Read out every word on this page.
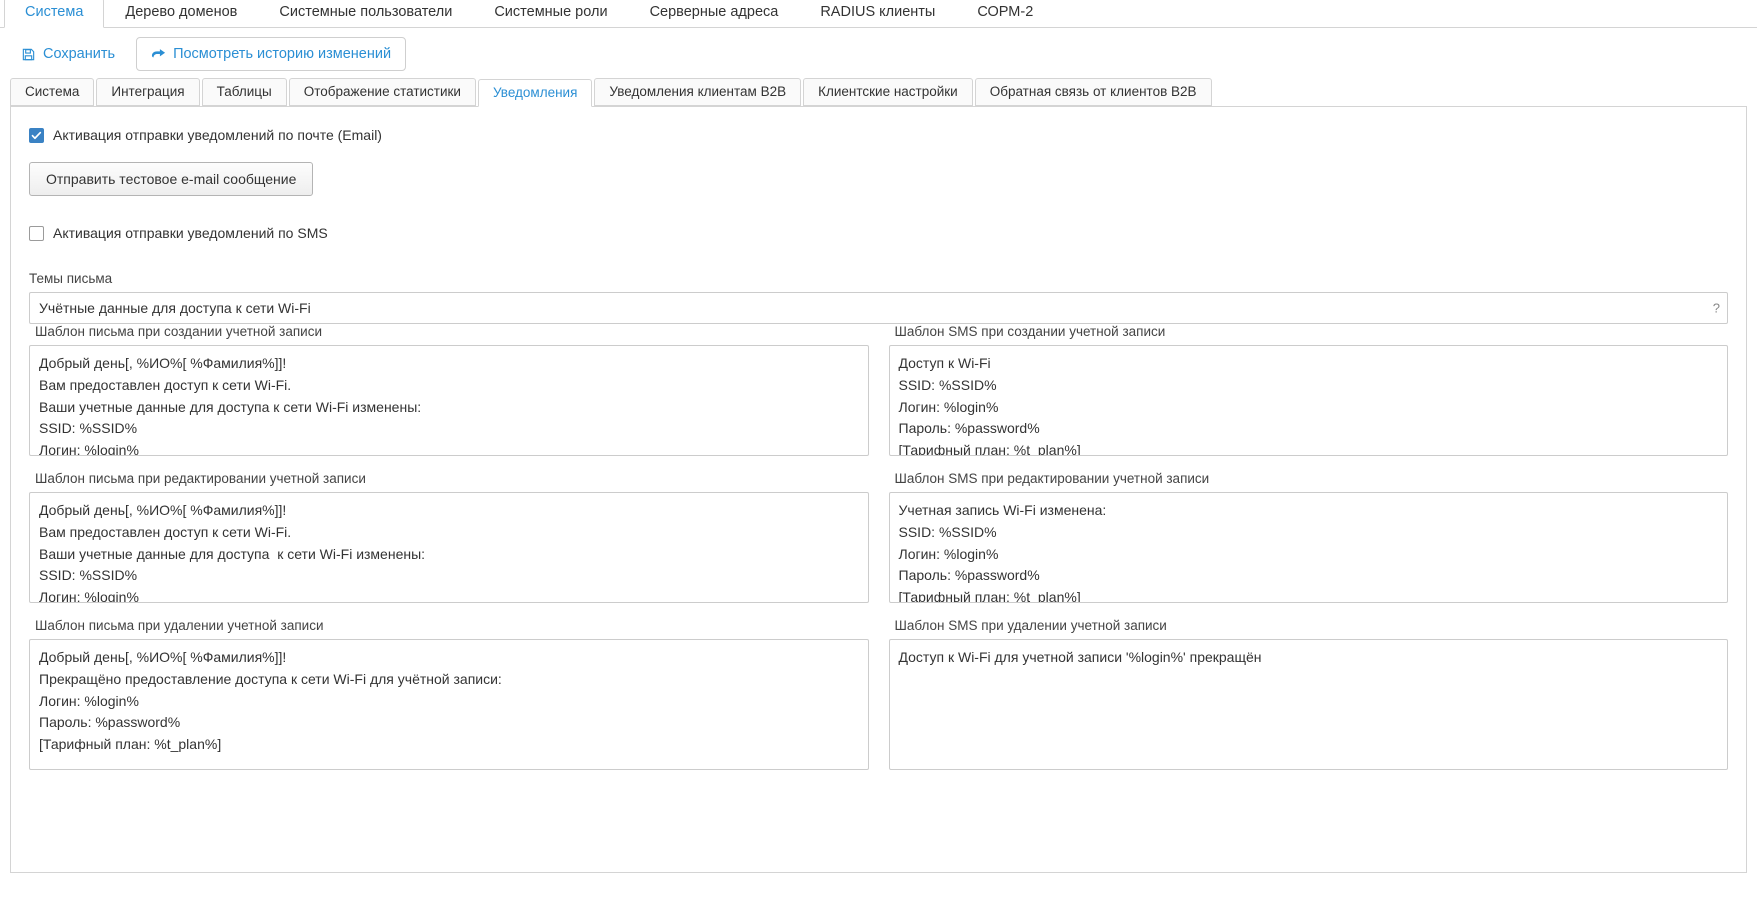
Система	Дерево доменов	Системные пользователи	Системные роли	Серверные адреса	RADIUS клиенты	СОРМ-2
Сохранить	Посмотреть историю изменений
Система	Интеграция	Таблицы	Отображение статистики	Уведомления	Уведомления клиентам B2B	Клиентские настройки	Обратная связь от клиентов B2B
Активация отправки уведомлений по почте (Email)
Отправить тестовое e-mail сообщение
Активация отправки уведомлений по SMS
Темы письма
Учётные данные для доступа к сети Wi-Fi
?
Шаблон письма при создании учетной записи	Шаблон SMS при создании учетной записи
Добрый день[, %ИО%[ %Фамилия%]]! Вам предоставлен доступ к сети Wi-Fi. Ваши учетные данные для доступа к сети Wi-Fi изменены: SSID: %SSID% Логин: %login%
Доступ к Wi-Fi SSID: %SSID% Логин: %login% Пароль: %password% [Тарифный план: %t_plan%]
Шаблон письма при редактировании учетной записи	Шаблон SMS при редактировании учетной записи
Добрый день[, %ИО%[ %Фамилия%]]! Вам предоставлен доступ к сети Wi-Fi. Ваши учетные данные для доступа к сети Wi-Fi изменены: SSID: %SSID% Логин: %login%
Учетная запись Wi-Fi изменена: SSID: %SSID% Логин: %login% Пароль: %password% [Тарифный план: %t_plan%]
Шаблон письма при удалении учетной записи	Шаблон SMS при удалении учетной записи
Добрый день[, %ИО%[ %Фамилия%]]! Прекращёно предоставление доступа к сети Wi-Fi для учётной записи: Логин: %login% Пароль: %password% [Тарифный план: %t_plan%]
Доступ к Wi-Fi для учетной записи '%login%' прекращён
